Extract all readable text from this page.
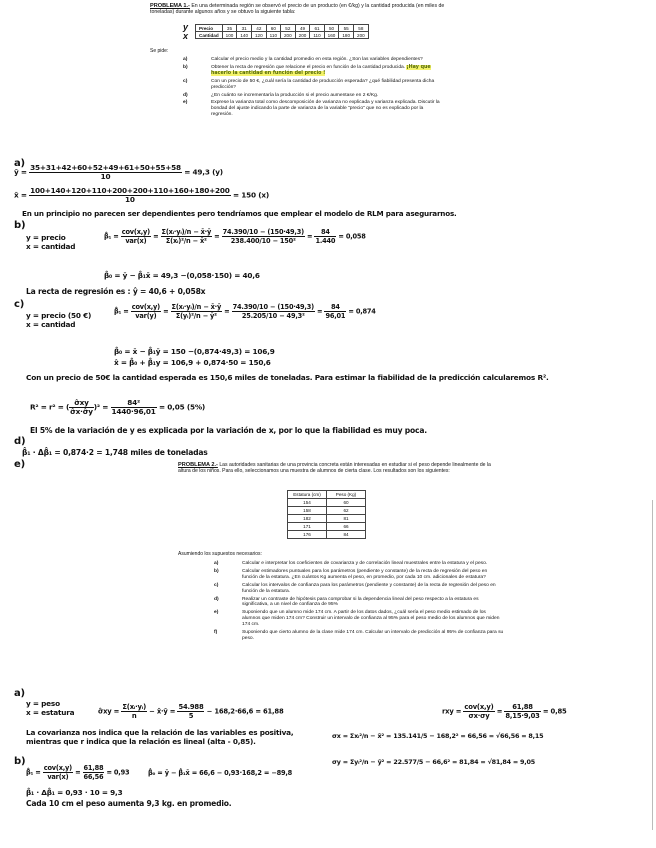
PROBLEMA 1.- En una determinada región se observó el precio de un producto (en €/kg) y la cantidad producida (en miles de toneladas) durante algunos años y se obtuvo la siguiente tabla:
y
x
Precio	35	31	42	60	52	49	61	50	55	58
Cantidad	100	140	120	110	200	200	110	160	180	200
Se pide:
a)	Calcular el precio medio y la cantidad promedio en esta región. ¿Son las variables dependientes?
b)	Obtener la recta de regresión que relacione el precio en función de la cantidad producida. ¡Hay que hacerlo la cantidad en función del precio !
c)	Con un precio de 50 €, ¿cuál sería la cantidad de producción esperada? ¿qué fiabilidad presenta dicha predicción?
d)	¿En cuánto se incrementaría la producción si el precio aumentase en 2 €/Kg.
e)	Exprese la varianza total como descomposición de varianza no explicada y varianza explicada. Discutir la bondad del ajuste indicando la parte de varianza de la variable "precio" que no es explicado por la regresión.
a)
ȳ = $\frac{35+31+42+60+52+49+61+50+55+58}{10} = 49,3$ (y)
x̄ = $\frac{100+140+120+110+200+200+110+160+180+200}{10} = 150$ (x)
En un principio no parecen ser dependientes pero tendríamos que emplear el modelo de RLM para asegurarnos.
b)
y = precio
x = cantidad
β̂₁ = $\frac{\text{cov(x,y)}}{\text{var(x)}} = \frac{\text{Σ(xᵢ·yᵢ)/n − x̄·ȳ}}{\text{Σ(xᵢ)²/n − x̄²}} = \frac{74.390/10 - (150\cdot 49,3)}{\text{238.400/10 − 150²}} = \frac{84}{1.440} = 0,058$
β̂₀ = ȳ − β̂₁x̄ = 49,3 −(0,058·150) = 40,6
La recta de regresión es : ŷ = 40,6 + 0,058x
c)
y = precio (50 €)
x = cantidad
β̂₁ = $\frac{\text{cov(x,y)}}{\text{var(y)}} = \frac{\text{Σ(xᵢ·yᵢ)/n − x̄·ȳ}}{\text{Σ(yᵢ)²/n − ȳ²}} = \frac{74.390/10 - (150\cdot 49,3)}{\text{25.205/10 − 49,3²}} = \frac{84}{96,01} = 0,874$
β̂₀ = x̄ − β̂₁ȳ = 150 −(0,874·49,3) = 106,9
x̂ = β̂₀ + β̂₁y = 106,9 + 0,874·50 = 150,6
Con un precio de 50€ la cantidad esperada es 150,6 miles de toneladas. Para estimar la fiabilidad de la predicción calcularemos R².
R² = r² = ( $\frac{\sigmâxy}{\sigmâx\cdot\sigmây} )^2 = \frac{\text{84²}}{1440\cdot 96,01} = 0,05$ (5%)
El 5% de la variación de y es explicada por la variación de x, por lo que la fiabilidad es muy poca.
d)
β̂₁ · Δβ̂₁ = 0,874·2 = 1,748 miles de toneladas
e)	PROBLEMA 2.- Las autoridades sanitarias de una provincia concreta están interesadas en estudiar si el peso depende linealmente de la altura de los niños. Para ello, seleccionamos una muestra de alumnos de cierta clase. Los resultados son los siguientes:
Estatura (cm)	Peso (Kg)
154	60
158	62
182	81
171	66
176	84
Asumiendo los supuestos necesarios:
a)	Calcular e interpretar los coeficientes de covarianza y de correlación lineal muestrales entre la estatura y el peso.
b)	Calcular estimadores puntuales para los parámetros (pendiente y constante) de la recta de regresión del peso en función de la estatura. ¿En cuántos Kg aumenta el peso, en promedio, por cada 10 cm. adicionales de estatura?
c)	Calcular los intervalos de confianza para los parámetros (pendiente y constante) de la recta de regresión del peso en función de la estatura.
d)	Realizar un contraste de hipótesis para comprobar si la dependencia lineal del peso respecto a la estatura es significativa, a un nivel de confianza de 95%
e)	Suponiendo que un alumno mide 174 cm. A partir de los datos dados, ¿cuál sería el peso medio estimado de los alumnos que miden 174 cm? Construir un intervalo de confianza al 95% para el peso medio de los alumnos que miden 174 cm.
f)	Suponiendo que cierto alumno de la clase mide 174 cm. Calcular un intervalo de predicción al 95% de confianza para su peso.
a)
y = peso
x = estatura	σ̂xy = $\frac{\text{Σ(xᵢ·yᵢ)}}{n}$ − x̄·ȳ = $\frac{54.988}{5} - 168,2\cdot 66,6 = 61,88$	rxy = $\frac{\text{cov(x,y)}}{\sigma x\cdot\sigma y} = \frac{61,88}{8,15\cdot 9,03} = 0,85$
La covarianza nos indica que la relación de las variables es positiva, mientras que r indica que la relación es lineal (alta - 0,85).
σx = Σxᵢ²/n − x̄² = 135.141/5 − 168,2² = 66,56 = √66,56 = 8,15
b)	σy = Σyᵢ²/n − ȳ² = 22.577/5 − 66,6² = 81,84 = √81,84 = 9,05
β̂₁ = $\frac{\text{cov(x,y)}}{\text{var(x)}} = \frac{61,88}{66,56} = 0,93$	β̂₀ = ȳ − β̂₁x̄ = 66,6 − 0,93·168,2 = −89,8
β̂₁ · Δβ̂₁ = 0,93 · 10 = 9,3
Cada 10 cm el peso aumenta 9,3 kg. en promedio.
